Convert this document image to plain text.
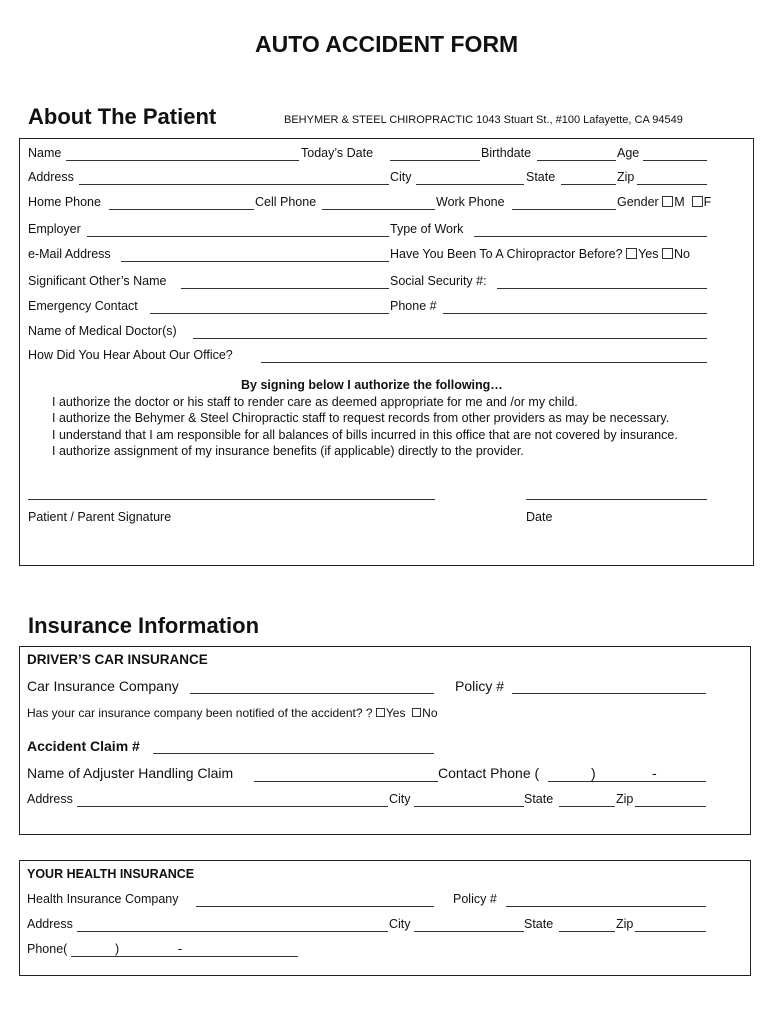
AUTO ACCIDENT FORM
About The Patient	BEHYMER & STEEL CHIROPRACTIC 1043 Stuart St., #100 Lafayette, CA 94549
Name	Today’s Date	Birthdate	Age
Address	City	State	Zip
Home Phone	Cell Phone	Work Phone	Gender M F
Employer	Type of Work
e-Mail Address	Have You Been To A Chiropractor Before? Yes No
Significant Other’s Name	Social Security #:
Emergency Contact	Phone #
Name of Medical Doctor(s)
How Did You Hear About Our Office?
By signing below I authorize the following…
I authorize the doctor or his staff to render care as deemed appropriate for me and /or my child.
I authorize the Behymer & Steel Chiropractic staff to request records from other providers as may be necessary.
I understand that I am responsible for all balances of bills incurred in this office that are not covered by insurance.
I authorize assignment of my insurance benefits (if applicable) directly to the provider.
Patient / Parent Signature	Date
Insurance Information
DRIVER’S CAR INSURANCE
Car Insurance Company	Policy #
Has your car insurance company been notified of the accident? ? Yes No
Accident Claim #
Name of Adjuster Handling Claim	Contact Phone (	)	-
Address	City	State	Zip
YOUR HEALTH INSURANCE
Health Insurance Company	Policy #
Address	City	State	Zip
Phone(	)	-
